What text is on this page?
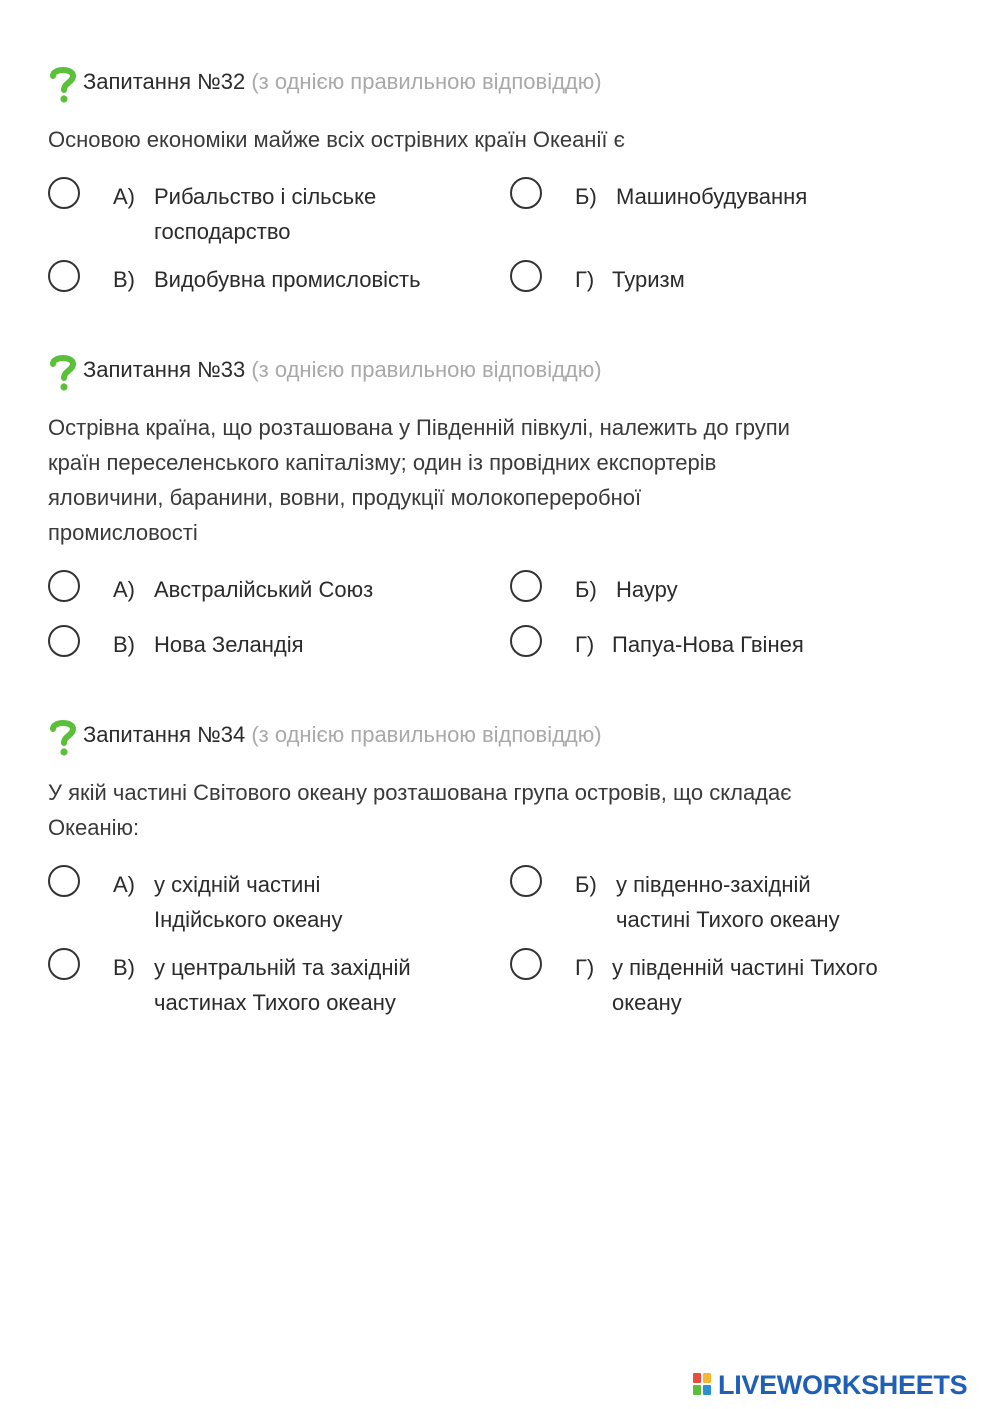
Запитання №32 (з однією правильною відповіддю)
Основою економіки майже всіх острівних країн Океанії є
А) Рибальство і сільське
господарство
Б) Машинобудування
В) Видобувна промисловість	Г) Туризм
Запитання №33 (з однією правильною відповіддю)
Острівна країна, що розташована у Південній півкулі, належить до групи
країн переселенського капіталізму; один із провідних експортерів
яловичини, баранини, вовни, продукції молокопереробної
промисловості
А) Австралійський Союз	Б) Науру
В) Нова Зеландія	Г) Папуа-Нова Гвінея
Запитання №34 (з однією правильною відповіддю)
У якій частині Світового океану розташована група островів, що складає
Океанію:
А) у східній частині
Індійського океану
Б) у південно-західній
частині Тихого океану
В) у центральній та західній
частинах Тихого океану
Г) у південній частині Тихого
океану
LIVEWORKSHEETS
